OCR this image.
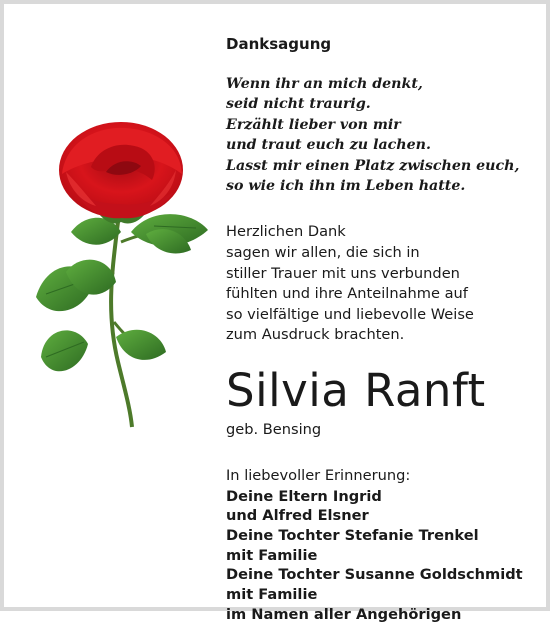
Danksagung
Wenn ihr an mich denkt,
seid nicht traurig.
Erzählt lieber von mir
und traut euch zu lachen.
Lasst mir einen Platz zwischen euch,
so wie ich ihn im Leben hatte.
Herzlichen Dank
sagen wir allen, die sich in
stiller Trauer mit uns verbunden
fühlten und ihre Anteilnahme auf
so vielfältige und liebevolle Weise
zum Ausdruck brachten.
Silvia Ranft
geb. Bensing
In liebevoller Erinnerung:
Deine Eltern Ingrid
und Alfred Elsner
Deine Tochter Stefanie Trenkel
mit Familie
Deine Tochter Susanne Goldschmidt
mit Familie
im Namen aller Angehörigen
